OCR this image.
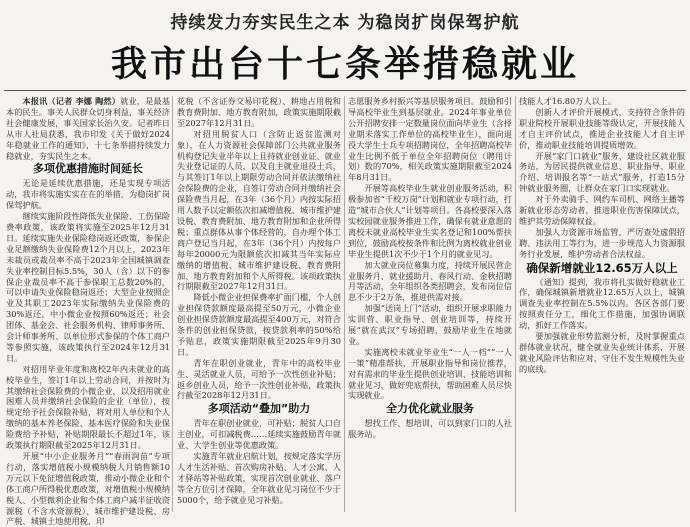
持续发力夯实民生之本 为稳岗扩岗保驾护航
我市出台十七条举措稳就业

本报讯（记者 李娜 陶然）就业，是最基本的民生。事关人民群众切身利益，事关经济社会健康发展，事关国家长治久安。记者昨日从市人社局获悉，我市印发《关于做好2024年稳就业工作的通知》，十七条举措持续发力稳就业，夯实民生之本。

多项优惠措施时间延长

无论是延续优惠措施，还是实现专项活动，我市将实施实实在在的举措，为稳岗扩岗保驾护航。

继续实施阶段性降低失业保险、工伤保险费率政策，该政策将实施至2025年12月31日。延续实施失业保险稳岗返还政策，参保企业足额缴纳失业保险费12个月以上，2023年未裁员或裁员率不高于2023年全国城镇调查失业率控制目标5.5%，30人（含）以下的参保企业裁员率不高于参保职工总数20%的，可以申请失业保险稳岗返还；大型企业按照企业及其职工2023年实际缴纳失业保险费的30%返还，中小微企业按照60%返还；社会团体、基金会、社会服务机构、律师事务所、会计师事务所、以单位形式参保的个体工商户等参照实施，该政策执行至2024年12月31日。

对招用毕业年度和离校2年内未就业的高校毕业生，签订1年以上劳动合同，并按时为其缴纳社会保险费的小微企业，以及招用就业困难人员并缴纳社会保险的企业（单位），按规定给予社会保险补贴，将对用人单位和个人缴纳的基本养老保险、基本医疗保险和失业保险费给予补贴，补贴期限最长不超过1年，该政策执行期限截至2025年12月31日。

开展“中小企业服务月”“春雨润苗”专项行动，落实增值税小规模纳税人月销售额10万元以下免征增值税政策，推动小微企业和个体工商户所得税优惠政策，对增值税小规模纳税人、小型微利企业和个体工商户减半征收资源税（不含水资源税）、城市维护建设税、房产税、城镇土地使用税、印

花税（不含证券交易印花税）、耕地占用税和教育费附加、地方教育附加，政策实施期限截至2027年12月31日。

对招用脱贫人口（含防止返贫监测对象），在人力资源社会保障部门公共就业服务机构登记失业半年以上且持就业创业证、就业失业登记证的人员，以及自主就业退役士兵，与其签订1年以上期限劳动合同并依法缴纳社会保险费的企业，自签订劳动合同并缴纳社会保险费当月起，在3年（36个月）内按实际招用人数予以定额依次扣减增值税、城市维护建设税、教育费附加、地方教育附加和企业所得税；重点群体从事个体经营的，自办理个体工商户登记当月起，在3年（36个月）内按每户每年20000元为限额依次扣减其当年实际应缴纳的增值税、城市维护建设税、教育费附加、地方教育附加和个人所得税。该项政策执行期限截至2027年12月31日。

降低小微企业担保费率扩面门槛，个人创业担保贷款额度最高提至50万元，小微企业创业担保贷款额度最高提至400万元，对符合条件的创业担保贷款，按贷款利率的50%给予贴息，政策实施期限截至2025年9月30日。

青年在职创业就业，青年中的高校毕业生、灵活就业人员，可给予一次性创业补贴；返乡创业人员，给予一次性创业补贴，政策执行截至2028年12月31日。

多项活动“叠加”助力

青年在职创业就业，可补贴；脱贫人口自主创业，可扣减税费……延续实施鼓励青年就业、大学生创业等优惠政策。

实施青年就业启航计划，按规定落实学历人才生活补贴、首次购房补贴、人才公寓、人才驿站等补贴政策，实现首次创业就业、落户等全方位引才保障，全年就业见习岗位不少于5000个，给予就业见习补贴。

志愿服务乡村振兴等基层服务项目。鼓励和引导高校毕业生到基层就业。2024年事业单位公开招聘安排一定数量岗位面向毕业生（含择业期未落实工作单位的高校毕业生），面向退役大学生士兵专项招聘岗位，全年招聘高校毕业生比例不低于单位全年招聘岗位（聘用计划）数的70%，相关政策实施期限截至2024年8月31日。

开展等高校毕业生就业创业服务活动，积极参加省“千校万岗”计划和就业专项行动，打造“城市合伙人”计划等项目。各高校要深入落实校园就业服务推进工作，确保有就业意愿的离校未就业高校毕业生实名登记和100%帮扶到位，鼓励高校按条件和比例为离校就业创业毕业生提供1次不少于1个月的就业见习。

加大就业岗位募集力度，持续开展民营企业服务月、就业援助月、春风行动、金秋招聘月等活动，全年组织各类招聘会，发布岗位信息不少于2万条，推进供需对接。

加强“送岗上门”活动，组织开展求职能力实训营、职业指导、创业培训等，持续开展“就在武汉”专场招聘，鼓励毕业生在地就业。

实施离校未就业毕业生“一人一档”“一人一策”精准帮扶，开展职业指导和岗位推荐，对有需求的毕业生提供创业培训、技能培训和就业见习，做好兜底帮扶，帮助困难人员尽快实现就业。

全力优化就业服务

想找工作、想培训，可以到家门口的人社服务站。

技能人才16.80万人以上。

创新人才评价开展模式，支持符合条件的职业院校开展职业技能等级认定，开展技能人才自主评价试点，推进企业技能人才自主评价，推动职业技能培训提质增效。

开展“家门口就业”服务，建设社区就业服务站，为居民提供就业信息、职业指导、职业介绍、培训报名等“一站式”服务，打造15分钟就业服务圈，让群众在家门口实现就业。

对于外卖骑手、网约车司机、网络主播等新就业形态劳动者，推进职业伤害保障试点，维护其劳动保障权益。

加强人力资源市场监管，严厉查处虚假招聘、违法用工等行为，进一步规范人力资源服务行业发展，维护劳动者合法权益。

确保新增就业12.65万人以上

《通知》提到，我市将扎实做好稳就业工作，确保城镇新增就业12.65万人以上，城镇调查失业率控制在5.5%以内。各区各部门要按照责任分工，细化工作措施，加强协调联动，抓好工作落实。

要加强就业形势监测分析，及时掌握重点群体就业状况，健全就业失业统计体系，开展就业风险评估和应对，守住不发生规模性失业的底线。
